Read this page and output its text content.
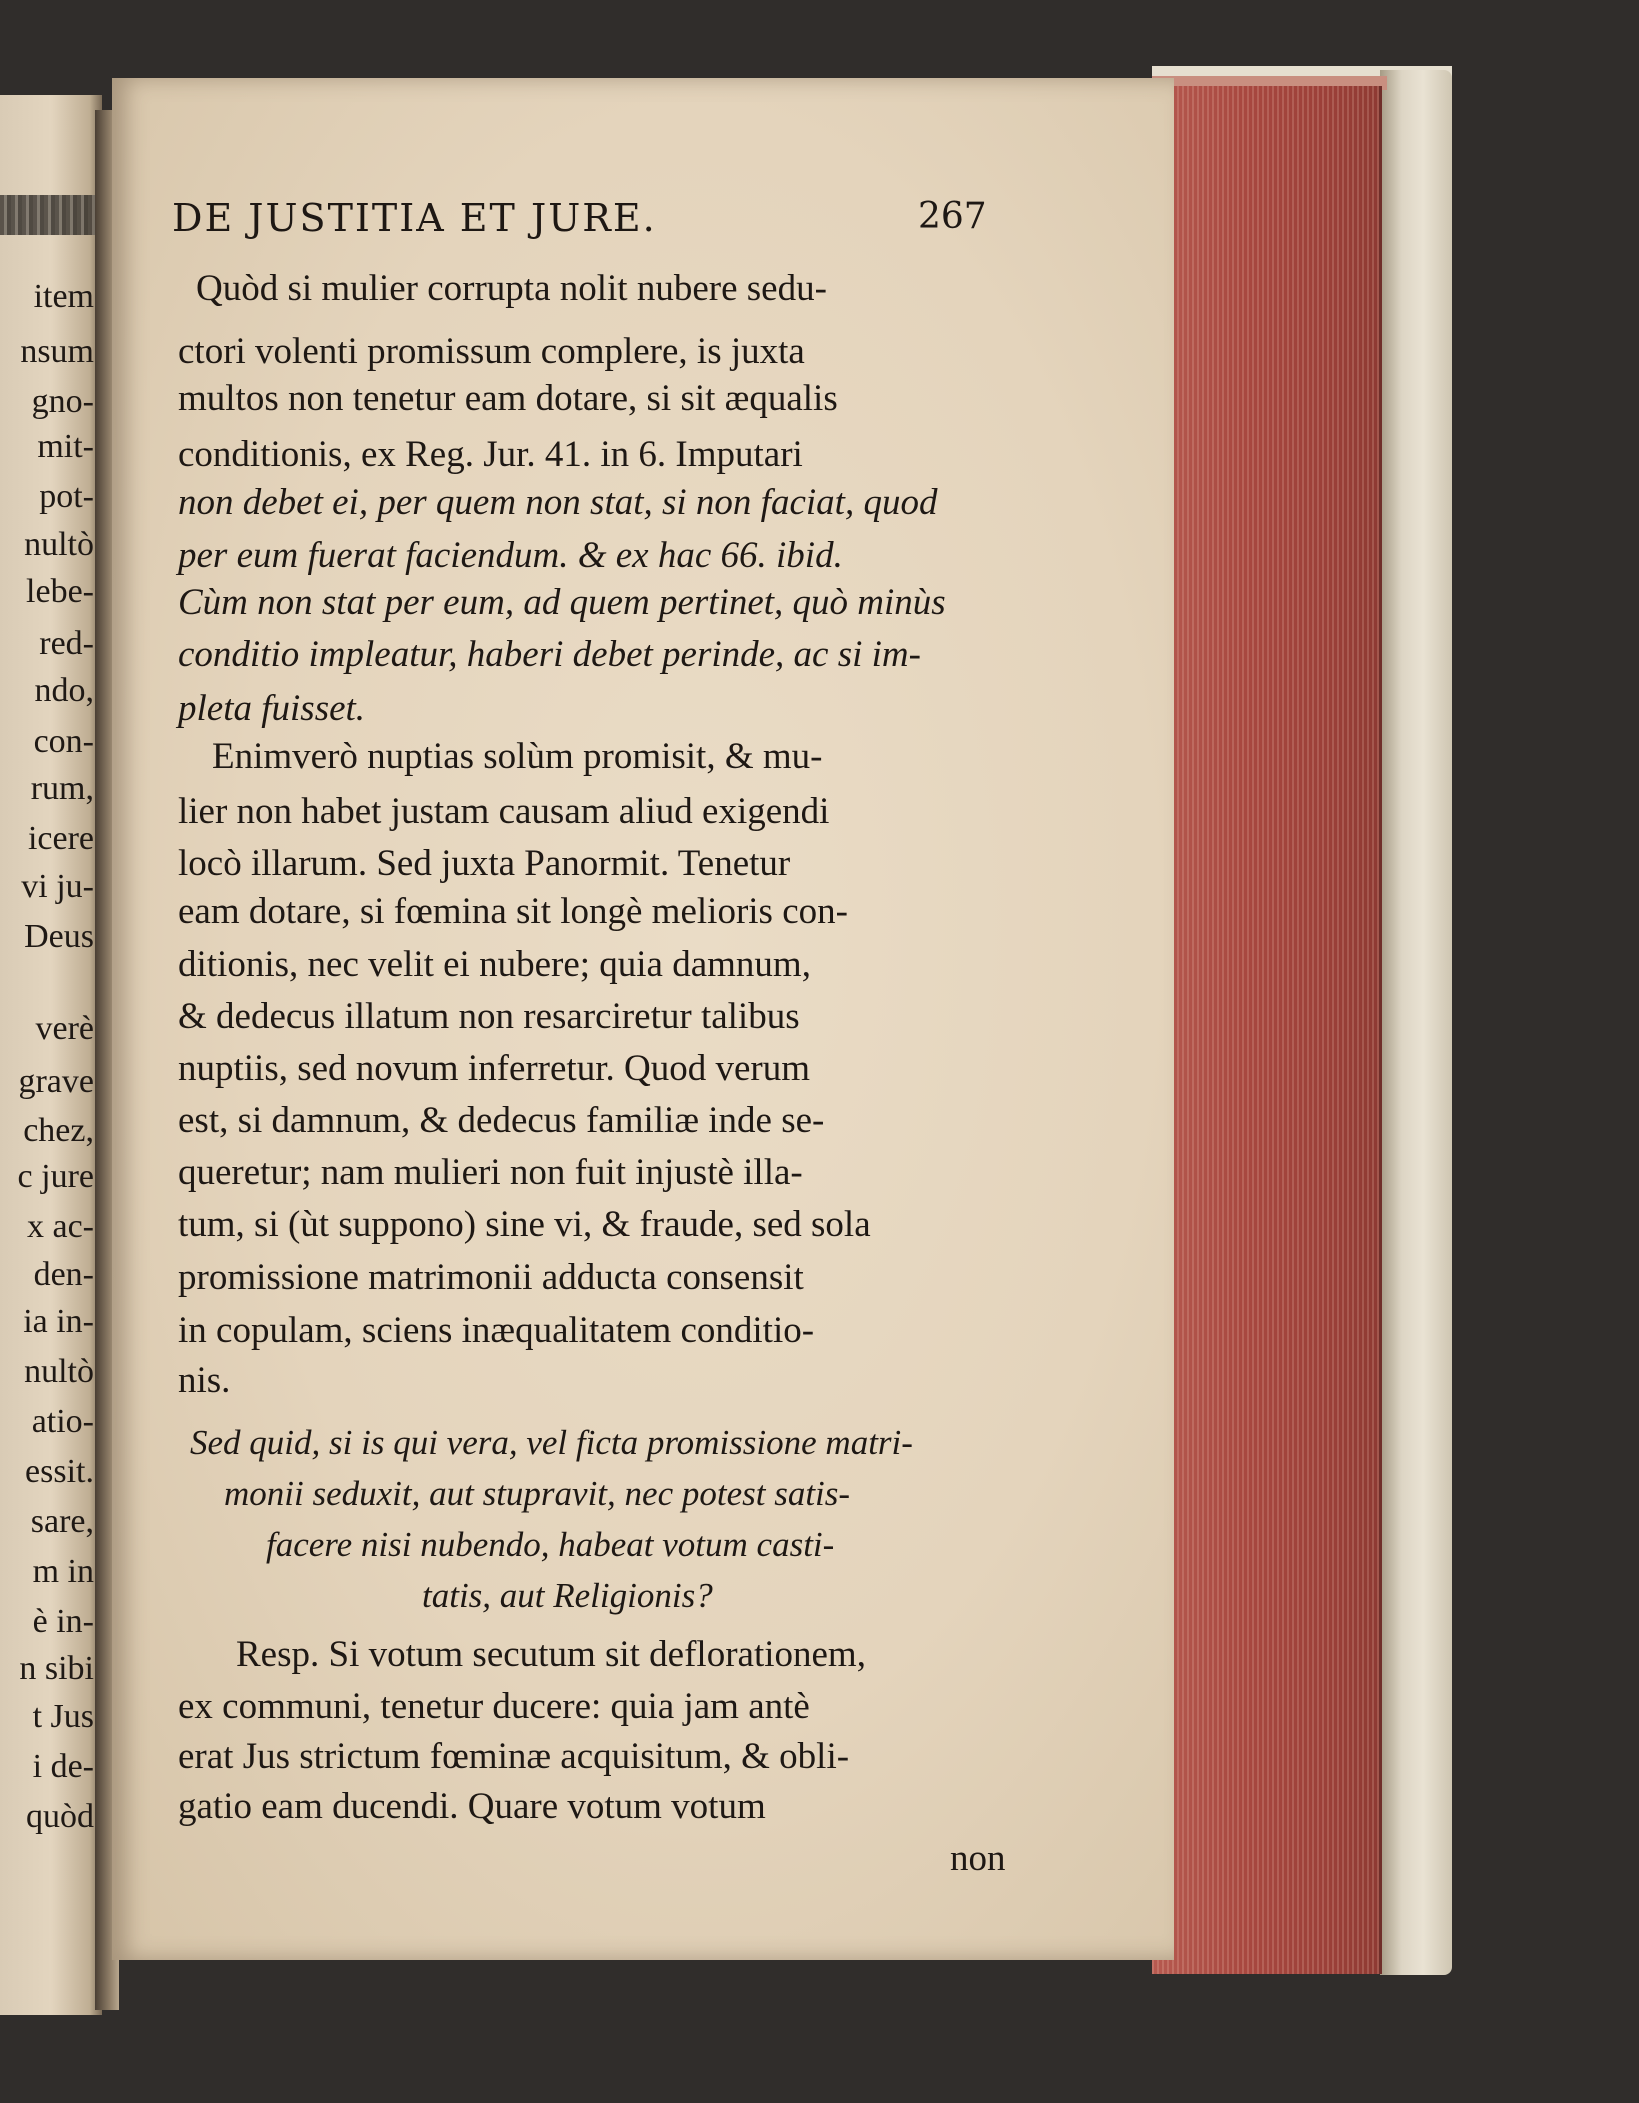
DE JUSTITIA ET JURE.	267
Quòd si mulier corrupta nolit nubere sedu-
ctori volenti promissum complere, is juxta
multos non tenetur eam dotare, si sit æqualis
conditionis, ex Reg. Jur. 41. in 6. Imputari
non debet ei, per quem non stat, si non faciat, quod
per eum fuerat faciendum. & ex hac 66. ibid.
Cùm non stat per eum, ad quem pertinet, quò minùs
conditio impleatur, haberi debet perinde, ac si im-
pleta fuisset.
Enimverò nuptias solùm promisit, & mu-
lier non habet justam causam aliud exigendi
locò illarum. Sed juxta Panormit. Tenetur
eam dotare, si fœmina sit longè melioris con-
ditionis, nec velit ei nubere; quia damnum,
& dedecus illatum non resarciretur talibus
nuptiis, sed novum inferretur. Quod verum
est, si damnum, & dedecus familiæ inde se-
queretur; nam mulieri non fuit injustè illa-
tum, si (ùt suppono) sine vi, & fraude, sed sola
promissione matrimonii adducta consensit
in copulam, sciens inæqualitatem conditio-
nis.
Sed quid, si is qui vera, vel ficta promissione matri-
monii seduxit, aut stupravit, nec potest satis-
facere nisi nubendo, habeat votum casti-
tatis, aut Religionis?
Resp. Si votum secutum sit deflorationem,
ex communi, tenetur ducere: quia jam antè
erat Jus strictum fœminæ acquisitum, & obli-
gatio eam ducendi. Quare votum votum
non
item
nsum
gno-
mit-
pot-
nultò
lebe-
red-
ndo,
con-
rum,
icere
vi ju-
Deus
verè
grave
chez,
c jure
x ac-
den-
ia in-
nultò
atio-
essit.
sare,
m in
è in-
n sibi
t Jus
i de-
quòd
